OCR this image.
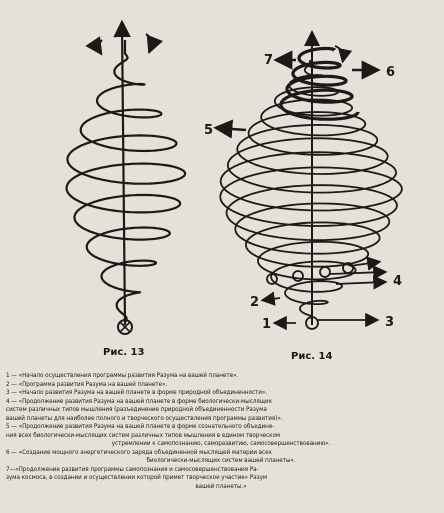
1
2
3
4
5
6
7
Рис. 13	Рис. 14

1 — «Начало осуществления программы развития Разума на вашей планете».

2 — «Программа развития Разума на вашей планете».

3 — «Начало развития Разума на вашей планете в форме природной объединенности».

4 — «Продолжение развития Разума на вашей планете в форме биологически-мыслящих

систем различных типов мышления (разъединение природной объединенности Разума

вашей планеты для наиболее полного и творческого осуществления программы развития)».

5 — «Продолжение развития Разума на вашей планете в форме сознательного объедине-

ния всех биологически-мыслящих систем различных типов мышления в едином творческом

устремлении к самопознанию, саморазвитию, самосовершенствованию».

6 — «Создание мощного энергетического заряда объединенной мыслящей материи всех

биологически-мыслящих систем вашей планеты».

7—«Продолжение развития программы самопознания и самосовершенствования Ра-

зума космоса, в создании и осуществлении которой примет творческое участие» Разум

вашей планеты.»
